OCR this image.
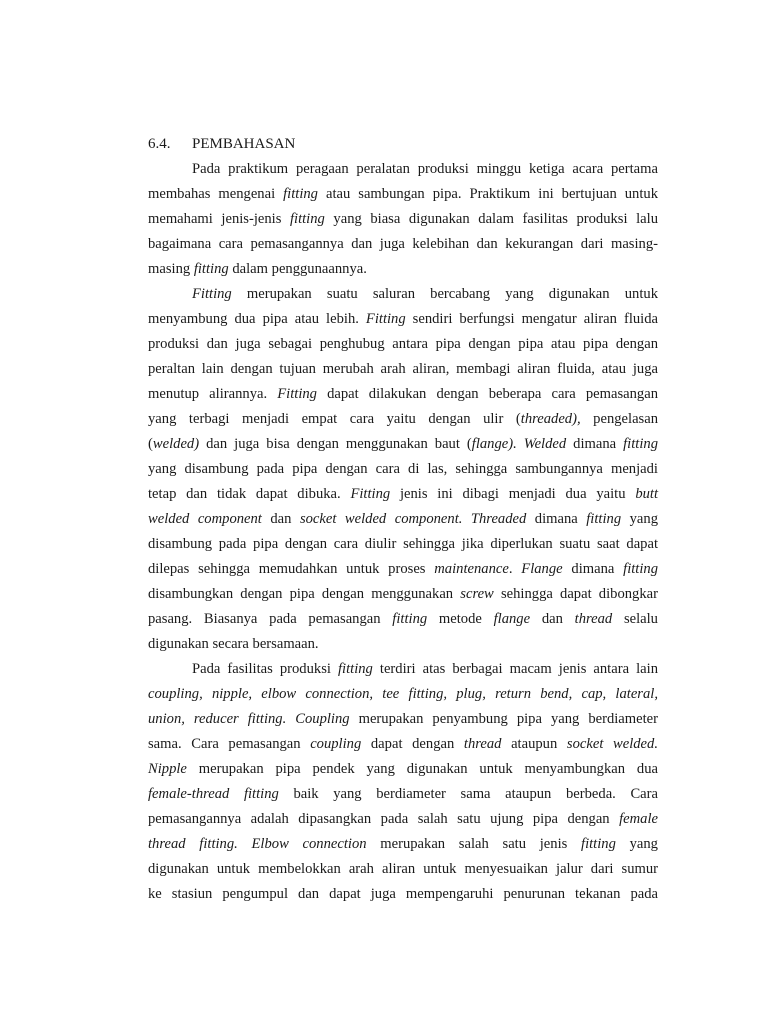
6.4.	PEMBAHASAN
Pada praktikum peragaan peralatan produksi minggu ketiga acara pertama
membahas mengenai fitting atau sambungan pipa. Praktikum ini bertujuan untuk
memahami jenis-jenis fitting yang biasa digunakan dalam fasilitas produksi lalu
bagaimana cara pemasangannya dan juga kelebihan dan kekurangan dari masing-
masing fitting dalam penggunaannya.
Fitting merupakan suatu saluran bercabang yang digunakan untuk
menyambung dua pipa atau lebih. Fitting sendiri berfungsi mengatur aliran fluida
produksi dan juga sebagai penghubug antara pipa dengan pipa atau pipa dengan
peraltan lain dengan tujuan merubah arah aliran, membagi aliran fluida, atau juga
menutup alirannya. Fitting dapat dilakukan dengan beberapa cara pemasangan
yang terbagi menjadi empat cara yaitu dengan ulir (threaded), pengelasan
(welded) dan juga bisa dengan menggunakan baut (flange). Welded dimana fitting
yang disambung pada pipa dengan cara di las, sehingga sambungannya menjadi
tetap dan tidak dapat dibuka. Fitting jenis ini dibagi menjadi dua yaitu butt
welded component dan socket welded component. Threaded dimana fitting yang
disambung pada pipa dengan cara diulir sehingga jika diperlukan suatu saat dapat
dilepas sehingga memudahkan untuk proses maintenance. Flange dimana fitting
disambungkan dengan pipa dengan menggunakan screw sehingga dapat dibongkar
pasang. Biasanya pada pemasangan fitting metode flange dan thread selalu
digunakan secara bersamaan.
Pada fasilitas produksi fitting terdiri atas berbagai macam jenis antara lain
coupling, nipple, elbow connection, tee fitting, plug, return bend, cap, lateral,
union, reducer fitting. Coupling merupakan penyambung pipa yang berdiameter
sama. Cara pemasangan coupling dapat dengan thread ataupun socket welded.
Nipple merupakan pipa pendek yang digunakan untuk menyambungkan dua
female-thread fitting baik yang berdiameter sama ataupun berbeda. Cara
pemasangannya adalah dipasangkan pada salah satu ujung pipa dengan female
thread fitting. Elbow connection merupakan salah satu jenis fitting yang
digunakan untuk membelokkan arah aliran untuk menyesuaikan jalur dari sumur
ke stasiun pengumpul dan dapat juga mempengaruhi penurunan tekanan pada
